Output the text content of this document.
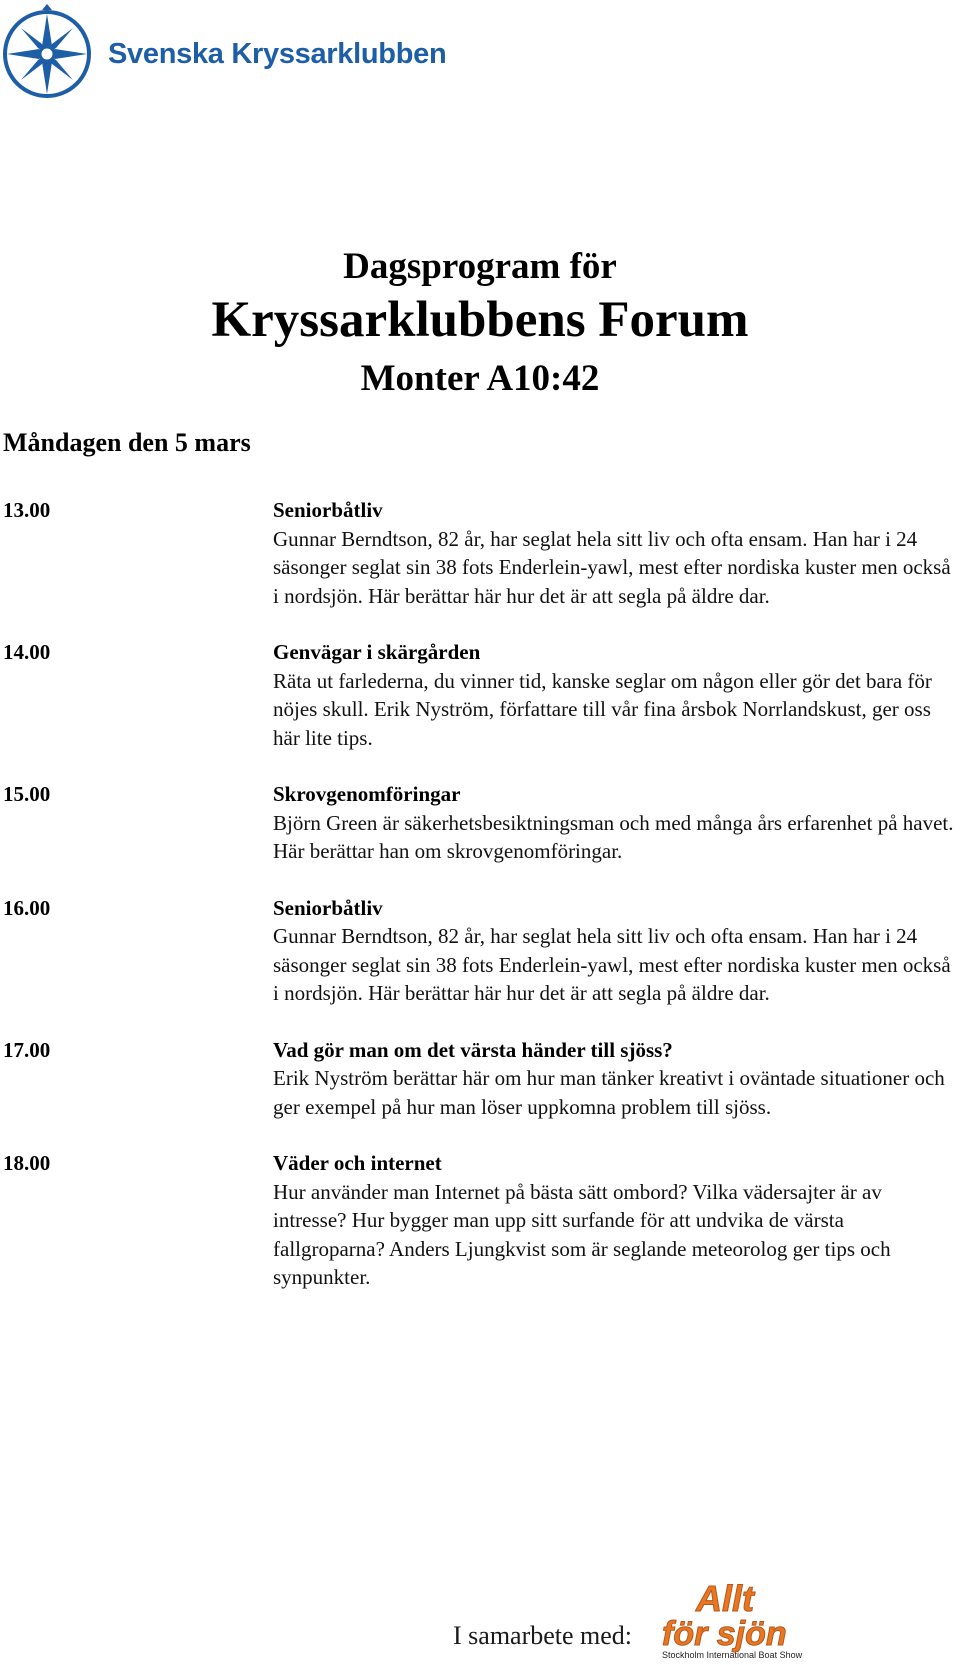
Svenska Kryssarklubben
Dagsprogram för
Kryssarklubbens Forum
Monter A10:42
Måndagen den 5 mars
13.00	Seniorbåtliv
Gunnar Berndtson, 82 år, har seglat hela sitt liv och ofta ensam. Han har i 24 säsonger seglat sin 38 fots Enderlein-yawl, mest efter nordiska kuster men också i nordsjön. Här berättar här hur det är att segla på äldre dar.
14.00	Genvägar i skärgården
Räta ut farlederna, du vinner tid, kanske seglar om någon eller gör det bara för nöjes skull. Erik Nyström, författare till vår fina årsbok Norrlandskust, ger oss här lite tips.
15.00	Skrovgenomföringar
Björn Green är säkerhetsbesiktningsman och med många års erfarenhet på havet. Här berättar han om skrovgenomföringar.
16.00	Seniorbåtliv
Gunnar Berndtson, 82 år, har seglat hela sitt liv och ofta ensam. Han har i 24 säsonger seglat sin 38 fots Enderlein-yawl, mest efter nordiska kuster men också i nordsjön. Här berättar här hur det är att segla på äldre dar.
17.00	Vad gör man om det värsta händer till sjöss?
Erik Nyström berättar här om hur man tänker kreativt i oväntade situationer och ger exempel på hur man löser uppkomna problem till sjöss.
18.00	Väder och internet
Hur använder man Internet på bästa sätt ombord? Vilka vädersajter är av intresse? Hur bygger man upp sitt surfande för att undvika de värsta fallgroparna? Anders Ljungkvist som är seglande meteorolog ger tips och synpunkter.
I samarbete med:
Allt
för sjön
Stockholm International Boat Show
